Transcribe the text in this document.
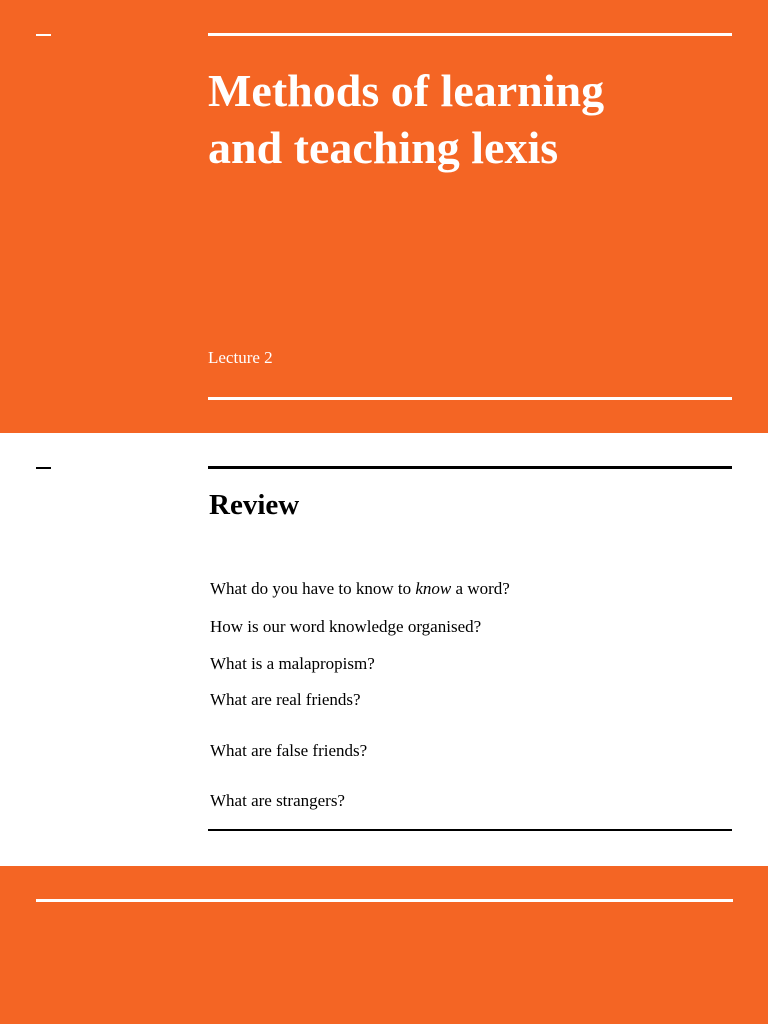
Methods of learning
and teaching lexis
Lecture 2
Review
What do you have to know to know a word?
How is our word knowledge organised?
What is a malapropism?
What are real friends?
What are false friends?
What are strangers?
